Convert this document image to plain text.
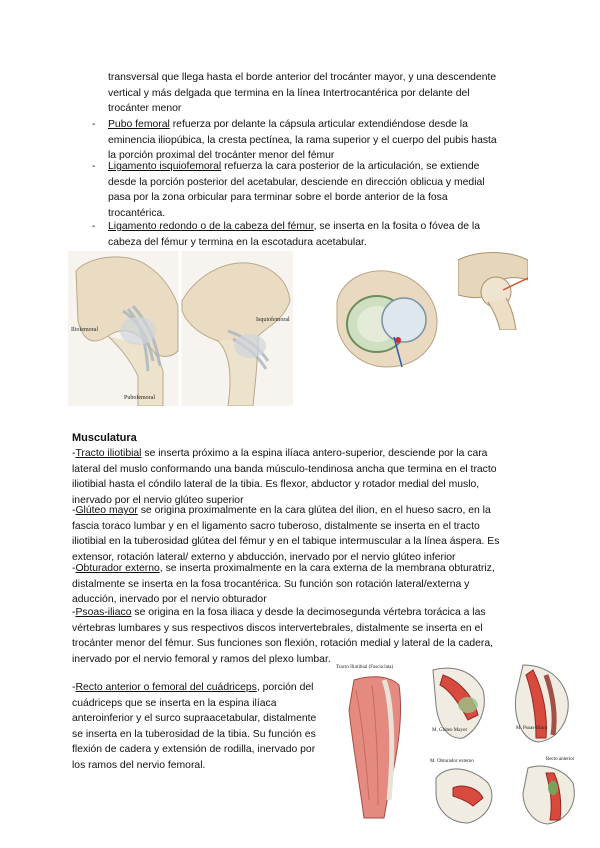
transversal que llega hasta el borde anterior del trocánter mayor, y una descendente vertical y más delgada que termina en la línea Intertrocantérica por delante del trocánter menor

- Pubo femoral refuerza por delante la cápsula articular extendiéndose desde la eminencia iliopúbica, la cresta pectínea, la rama superior y el cuerpo del pubis hasta la porción proximal del trocánter menor del fémur

- Ligamento isquiofemoral refuerza la cara posterior de la articulación, se extiende desde la porción posterior del acetabular, desciende en dirección oblicua y medial pasa por la zona orbicular para terminar sobre el borde anterior de la fosa trocantérica.

- Ligamento redondo o de la cabeza del fémur, se inserta en la fosita o fóvea de la cabeza del fémur y termina en la escotadura acetabular.

Iliofemoral
Isquiofemoral
Pubofemoral

Musculatura

-Tracto iliotibial se inserta próximo a la espina ilíaca antero-superior, desciende por la cara lateral del muslo conformando una banda músculo-tendinosa ancha que termina en el tracto iliotibial hasta el cóndilo lateral de la tibia. Es flexor, abductor y rotador medial del muslo, inervado por el nervio glúteo superior

-Glúteo mayor se origina proximalmente en la cara glútea del ilion, en el hueso sacro, en la fascia toraco lumbar y en el ligamento sacro tuberoso, distalmente se inserta en el tracto iliotibial en la tuberosidad glútea del fémur y en el tabique intermuscular a la línea áspera. Es extensor, rotación lateral/ externo y abducción, inervado por el nervio glúteo inferior

-Obturador externo, se inserta proximalmente en la cara externa de la membrana obturatriz, distalmente se inserta en la fosa trocantérica. Su función son rotación lateral/externa y aducción, inervado por el nervio obturador

-Psoas-iliaco se origina en la fosa iliaca y desde la decimosegunda vértebra torácica a las vértebras lumbares y sus respectivos discos intervertebrales, distalmente se inserta en el trocánter menor del fémur. Sus funciones son flexión, rotación medial y lateral de la cadera, inervado por el nervio femoral y ramos del plexo lumbar.

-Recto anterior o femoral del cuádriceps, porción del cuádriceps que se inserta en la espina ilíaca anteroinferior y el surco supraacetabular, distalmente se inserta en la tuberosidad de la tibia. Su función es flexión de cadera y extensión de rodilla, inervado por los ramos del nervio femoral.

Tracto Iliotibial (Fascia lata)
M. Glúteo Mayor	M. Psoas-Iliaco
M. Obturador externo	Recto anterior
